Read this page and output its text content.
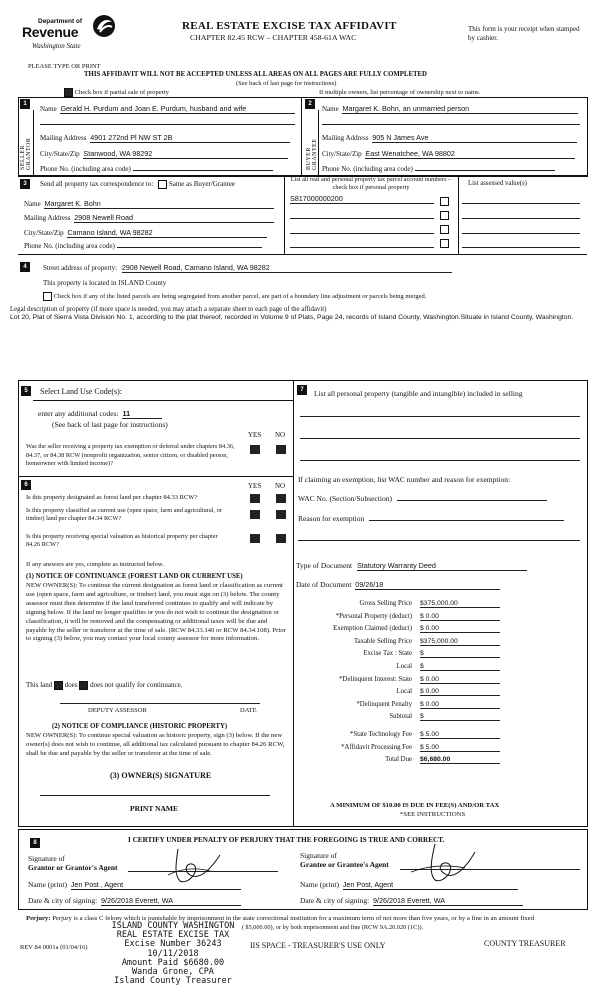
Department of
Revenue
Washington State
REAL ESTATE EXCISE TAX AFFIDAVIT
CHAPTER 82.45 RCW – CHAPTER 458-61A WAC
This form is your receipt when stamped by cashier.
PLEASE TYPE OR PRINT
THIS AFFIDAVIT WILL NOT BE ACCEPTED UNLESS ALL AREAS ON ALL PAGES ARE FULLY COMPLETED
(See back of last page for instructions)
Check box if partial sale of property	If multiple owners, list percentage of ownership next to name.
1
SELLER GRANTOR
Name Gerald H. Purdum and Joan E. Purdum, husband and wife
Mailing Address 4901 272nd Pl NW ST 2B
City/State/Zip Stanwood, WA 98292
Phone No. (including area code)
2
BUYER GRANTEE
Name Margaret K. Bohn, an unmarried person
Mailing Address 905 N James Ave
City/State/Zip East Wenatchee, WA 98802
Phone No. (including area code)
3	Send all property tax correspondence to: Same as Buyer/Grantee
List all real and personal property tax parcel account numbers – check box if personal property
List assessed value(s)
Name Margaret K. Bohn
Mailing Address 2908 Newell Road
City/State/Zip Camano Island, WA 98282
Phone No. (including area code)
S817000000200
4	Street address of property: 2908 Newell Road, Camano Island, WA 98282
This property is located in ISLAND County
Check box if any of the listed parcels are being segregated from another parcel, are part of a boundary line adjustment or parcels being merged.
Legal description of property (if more space is needed, you may attach a separate sheet to each page of the affidavit)
Lot 20, Plat of Sierra Vista Division No. 1, according to the plat thereof, recorded in Volume 9 of Plats, Page 24, records of Island County, Washington.Situate in Island County, Washington.
5	Select Land Use Code(s):
enter any additional codes: 11
(See back of last page for instructions)
YES NO
Was the seller receiving a property tax exemption or deferral under chapters 84.36, 84.37, or 84.38 RCW (nonprofit organization, senior citizen, or disabled person, homeowner with limited income)?
6	YES NO
Is this property designated as forest land per chapter 84.33 RCW?
Is this property classified as current use (open space, farm and agricultural, or timber) land per chapter 84.34 RCW?
Is this property receiving special valuation as historical property per chapter 84.26 RCW?
If any answers are yes, complete as instructed below.
(1) NOTICE OF CONTINUANCE (FOREST LAND OR CURRENT USE)
NEW OWNER(S): To continue the current designation as forest land or classification as current use (open space, farm and agriculture, or timber) land, you must sign on (3) below. The county assessor must then determine if the land transferred continues to qualify and will indicate by signing below. If the land no longer qualifies or you do not wish to continue the designation or classification, it will be removed and the compensating or additional taxes will be due and payable by the seller or transferor at the time of sale. (RCW 84.33.140 or RCW 84.34.108). Prior to signing (3) below, you may contact your local county assessor for more information.
This land does does not qualify for continuance.
DEPUTY ASSESSOR	DATE
(2) NOTICE OF COMPLIANCE (HISTORIC PROPERTY)
NEW OWNER(S): To continue special valuation as historic property, sign (3) below. If the new owner(s) does not wish to continue, all additional tax calculated pursuant to chapter 84.26 RCW, shall be due and payable by the seller or transferor at the time of sale.
(3) OWNER(S) SIGNATURE
PRINT NAME
7	List all personal property (tangible and intangible) included in selling
If claiming an exemption, list WAC number and reason for exemption:
WAC No. (Section/Subsection)
Reason for exemption
Type of Document Statutory Warranty Deed
Date of Document 09/26/18
Gross Selling Price $375,000.00
*Personal Property (deduct) $ 0.00
Exemption Claimed (deduct) $ 0.00
Taxable Selling Price $375,000.00
Excise Tax : State $
Local $
*Delinquent Interest: State $ 0.00
Local $ 0.00
*Delinquent Penalty $ 0.00
Subtotal $
*State Technology Fee $ 5.00
*Affidavit Processing Fee $ 5.00
Total Due $6,680.00
A MINIMUM OF $10.00 IS DUE IN FEE(S) AND/OR TAX
*SEE INSTRUCTIONS
8	I CERTIFY UNDER PENALTY OF PERJURY THAT THE FOREGOING IS TRUE AND CORRECT.
Signature of
Grantor or Grantor's Agent
Name (print) Jen Post , Agent
Date & city of signing: 9/26/2018 Everett, WA
Signature of
Grantee or Grantee's Agent
Name (print) Jen Post, Agent
Date & city of signing: 9/26/2018 Everett, WA
Perjury: Perjury is a class C felony which is punishable by imprisonment in the state correctional institution for a maximum term of not more than five years, or by a fine in an amount fixed
( $5,000.00), or by both imprisonment and fine (RCW 9A.20.020 (1C)).
ISLAND COUNTY WASHINGTON
REAL ESTATE EXCISE TAX
Excise Number 36243
10/11/2018
Amount Paid $6680.00
Wanda Grone, CPA
Island County Treasurer
REV 84 0001a (01/04/16)	IIS SPACE - TREASURER'S USE ONLY	COUNTY TREASURER
